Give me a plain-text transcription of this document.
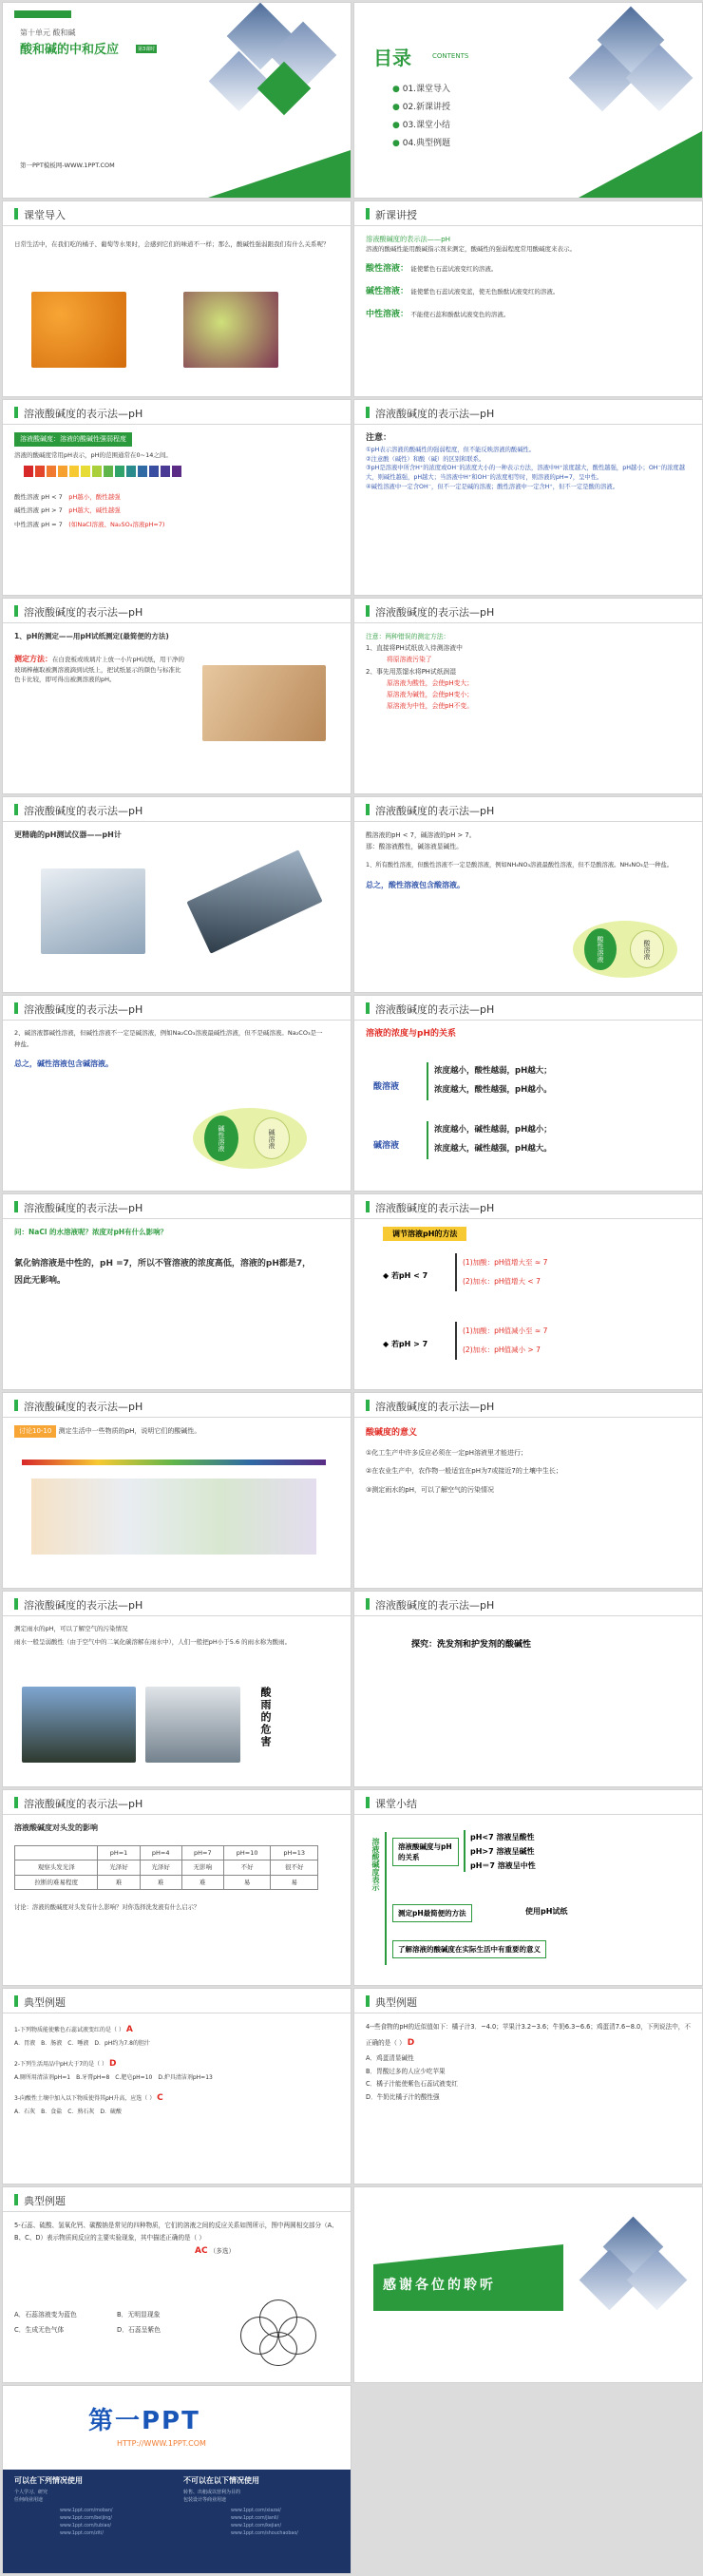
第十单元 酸和碱
酸和碱的中和反应	第3课时
第一PPT模板网-WWW.1PPT.COM
目录	CONTENTS
● 01.课堂导入
● 02.新课讲授
● 03.课堂小结
● 04.典型例题
课堂导入
日常生活中，在我们吃的橘子、葡萄等水果时，会感到它们的味道不一样；那么，酸碱性强弱跟我们有什么关系呢？
新课讲授
溶液酸碱度的表示法——pH
溶液的酸碱性能用酸碱指示剂来测定，酸碱性的强弱程度常用酸碱度来表示。
酸性溶液： 能使紫色石蕊试液变红的溶液。
碱性溶液： 能使紫色石蕊试液变蓝，使无色酚酞试液变红的溶液。
中性溶液： 不能使石蕊和酚酞试液变色的溶液。
溶液酸碱度的表示法—pH
溶液酸碱度：溶液的酸碱性强弱程度
溶液的酸碱度常用pH表示，pH的范围通常在0~14之间。
酸性溶液 pH < 7　 pH越小，酸性越强
碱性溶液 pH > 7　 pH越大，碱性越强
中性溶液 pH = 7　 (如NaCl溶液、Na₂SO₄溶液pH=7)
溶液酸碱度的表示法—pH
注意：
①pH表示溶液的酸碱性的强弱程度，但不能反映溶液的酸碱性。
②注意酸（碱性）和酸（碱）的区别和联系。
③pH是溶液中所含H⁺的浓度或OH⁻的浓度大小的一种表示方法，溶液中H⁺浓度越大，酸性越强，pH越小；OH⁻的浓度越大，则碱性越强，pH越大；当溶液中H⁺和OH⁻的浓度相等时，则溶液的pH=7，呈中性。
④碱性溶液中一定含OH⁻，但不一定是碱的溶液；酸性溶液中一定含H⁺，但不一定是酸的溶液。
溶液酸碱度的表示法—pH
1、pH的测定——用pH试纸测定(最简便的方法)
测定方法：在白瓷板或玻璃片上放一小片pH试纸，用干净的玻璃棒蘸取被测溶液滴到试纸上，把试纸显示的颜色与标准比色卡比较，即可得出被测溶液的pH。
溶液酸碱度的表示法—pH
注意：两种错误的测定方法：
1、直接将PH试纸放入待测溶液中
将原溶液污染了
2、事先用蒸馏水将PH试纸润湿
原溶液为酸性，会使pH变大；
原溶液为碱性，会使pH变小；
原溶液为中性，会使pH不变。
溶液酸碱度的表示法—pH
更精确的pH测试仪器——pH计
溶液酸碱度的表示法—pH
酸溶液的pH < 7，碱溶液的pH > 7。
那：酸溶液酸性，碱溶液显碱性。
1、所有酸性溶液，但酸性溶液不一定是酸溶液，例如NH₄NO₃溶液最酸性溶液，但不是酸溶液。NH₄NO₃是一种盐。
总之，酸性溶液包含酸溶液。
酸性溶液	酸溶液
溶液酸碱度的表示法—pH
2、碱溶液都碱性溶液，但碱性溶液不一定是碱溶液，例如Na₂CO₃溶液最碱性溶液，但不是碱溶液。Na₂CO₃是一种盐。
总之，碱性溶液包含碱溶液。
碱性溶液	碱溶液
溶液酸碱度的表示法—pH
溶液的浓度与pH的关系
酸溶液
浓度越小，酸性越弱，pH越大；
浓度越大，酸性越强，pH越小。
碱溶液
浓度越小，碱性越弱，pH越小；
浓度越大，碱性越强，pH越大。
溶液酸碱度的表示法—pH
问：NaCl 的水溶液呢？浓度对pH有什么影响？
氯化钠溶液是中性的，pH =7，所以不管溶液的浓度高低，溶液的pH都是7，因此无影响。
溶液酸碱度的表示法—pH
调节溶液pH的方法
◆ 若pH < 7
(1)加酸：pH值增大至 ≈ 7
(2)加水：pH值增大 < 7
◆ 若pH > 7
(1)加酸：pH值减小至 ≈ 7
(2)加水：pH值减小 > 7
溶液酸碱度的表示法—pH
讨论10-10 测定生活中一些物质的pH，说明它们的酸碱性。
溶液酸碱度的表示法—pH
酸碱度的意义
①化工生产中许多反应必须在一定pH溶液里才能进行；
②在农业生产中，农作物一般适宜在pH为7或接近7的土壤中生长；
③测定雨水的pH，可以了解空气的污染情况
溶液酸碱度的表示法—pH
测定雨水的pH，可以了解空气的污染情况
雨水一般呈弱酸性（由于空气中的二氧化碳溶解在雨水中），人们一般把pH小于5.6 的雨水称为酸雨。
酸雨的危害
溶液酸碱度的表示法—pH
探究：洗发剂和护发剂的酸碱性
溶液酸碱度的表示法—pH
溶液酸碱度对头发的影响
	pH=1	pH=4	pH=7	pH=10	pH=13
观察头发光泽	光泽好	光泽好	无影响	不好	很不好
拉断的难易程度	难	难	难	易	易
讨论：溶液的酸碱度对头发有什么影响？对你选择洗发液有什么启示？
课堂小结
溶液酸碱度表示	溶液酸碱度与pH的关系
pH<7 溶液呈酸性
pH>7 溶液呈碱性
pH＝7 溶液呈中性
测定pH最简便的方法	使用pH试纸
了解溶液的酸碱度在实际生活中有重要的意义
典型例题
1-下列物质能使紫色石蕊试液变红的是（ ） A
A．胃液　B．肠液　C．唾液　D．pH约为7.8的胆汁
2-下列生活用品中pH大于7的是（ ） D
A.厕所用清洁剂pH=1　B.牙膏pH=8　C.肥皂pH=10　D.炉具清洁剂pH=13
3-向酸性土壤中加入以下物质使得其pH升高，应选（ ） C
A．石灰　B．食盐　C．熟石灰　D．硫酸
典型例题
4--些食物的pH的近似值如下：橘子汁3．~4.0；苹果汁3.2~3.6；牛奶6.3~6.6；鸡蛋清7.6~8.0，下列说法中，不正确的是（ ） D
A．鸡蛋清显碱性
B．胃酸过多的人应少吃苹果
C．橘子汁能使紫色石蕊试液变红
D．牛奶比橘子汁的酸性强
典型例题
5-石蕊、硫酸、氢氧化钙、碳酸钠是常见的四种物质，它们的溶液之间的反应关系如图所示，图中两圆相交部分（A、B、C、D）表示物质间反应的主要实验现象，其中描述正确的是（ ）
AC （多选）
A．石蕊溶液变为蓝色
C．生成无色气体
B．无明显现象
D．石蕊呈紫色
感谢各位的聆听
第一PPT
HTTP://WWW.1PPT.COM
可以在下列情况使用	不可以在以下情况使用
个人学习、研究
任何商业用途
转售、出租或以营利为目的
包装设计等商业用途
www.1ppt.com/moban/
www.1ppt.com/beijing/
www.1ppt.com/tubiao/
www.1ppt.com/ziti/
www.1ppt.com/xiazai/
www.1ppt.com/jianli/
www.1ppt.com/kejian/
www.1ppt.com/shouchaobao/
